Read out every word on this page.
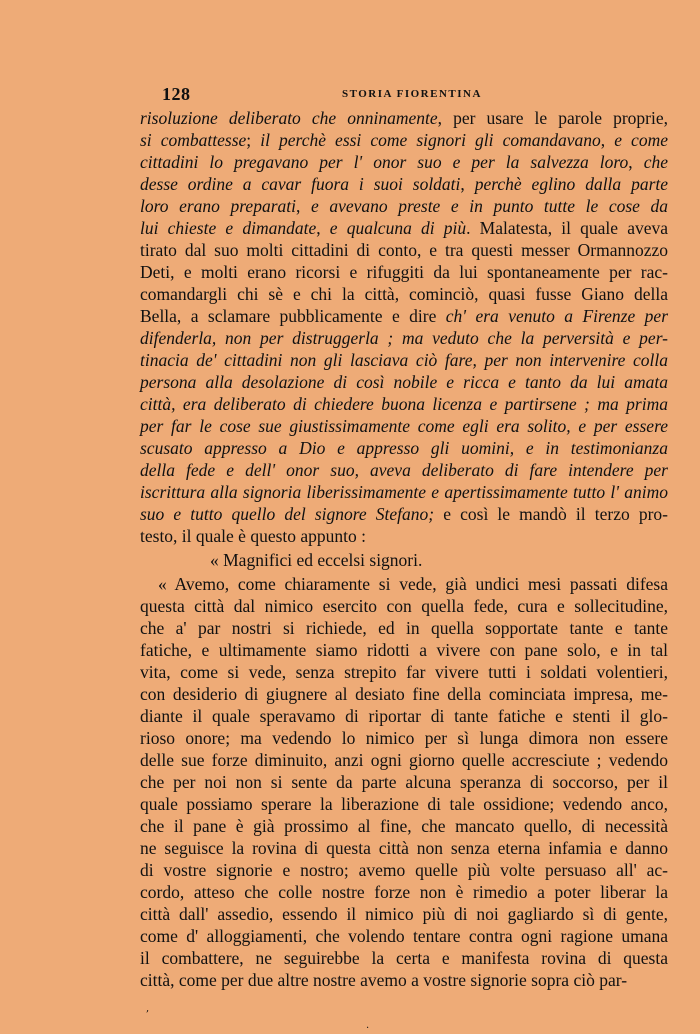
128	STORIA FIORENTINA
risoluzione deliberato che onninamente, per usare le parole proprie,
si combattesse; il perchè essi come signori gli comandavano, e come
cittadini lo pregavano per l' onor suo e per la salvezza loro, che
desse ordine a cavar fuora i suoi soldati, perchè eglino dalla parte
loro erano preparati, e avevano preste e in punto tutte le cose da
lui chieste e dimandate, e qualcuna di più. Malatesta, il quale aveva
tirato dal suo molti cittadini di conto, e tra questi messer Ormannozzo
Deti, e molti erano ricorsi e rifuggiti da lui spontaneamente per rac-
comandargli chi sè e chi la città, cominciò, quasi fusse Giano della
Bella, a sclamare pubblicamente e dire ch' era venuto a Firenze per
difenderla, non per distruggerla ; ma veduto che la perversità e per-
tinacia de' cittadini non gli lasciava ciò fare, per non intervenire colla
persona alla desolazione di così nobile e ricca e tanto da lui amata
città, era deliberato di chiedere buona licenza e partirsene ; ma prima
per far le cose sue giustissimamente come egli era solito, e per essere
scusato appresso a Dio e appresso gli uomini, e in testimonianza
della fede e dell' onor suo, aveva deliberato di fare intendere per
iscrittura alla signoria liberissimamente e apertissimamente tutto l' animo
suo e tutto quello del signore Stefano; e così le mandò il terzo pro-
testo, il quale è questo appunto :
« Magnifici ed eccelsi signori.
« Avemo, come chiaramente si vede, già undici mesi passati difesa
questa città dal nimico esercito con quella fede, cura e sollecitudine,
che a' par nostri si richiede, ed in quella sopportate tante e tante
fatiche, e ultimamente siamo ridotti a vivere con pane solo, e in tal
vita, come si vede, senza strepito far vivere tutti i soldati volentieri,
con desiderio di giugnere al desiato fine della cominciata impresa, me-
diante il quale speravamo di riportar di tante fatiche e stenti il glo-
rioso onore; ma vedendo lo nimico per sì lunga dimora non essere
delle sue forze diminuito, anzi ogni giorno quelle accresciute ; vedendo
che per noi non si sente da parte alcuna speranza di soccorso, per il
quale possiamo sperare la liberazione di tale ossidione; vedendo anco,
che il pane è già prossimo al fine, che mancato quello, di necessità
ne seguisce la rovina di questa città non senza eterna infamia e danno
di vostre signorie e nostro; avemo quelle più volte persuaso all' ac-
cordo, atteso che colle nostre forze non è rimedio a poter liberar la
città dall' assedio, essendo il nimico più di noi gagliardo sì di gente,
come d' alloggiamenti, che volendo tentare contra ogni ragione umana
il combattere, ne seguirebbe la certa e manifesta rovina di questa
città, come per due altre nostre avemo a vostre signorie sopra ciò par-
,
.
